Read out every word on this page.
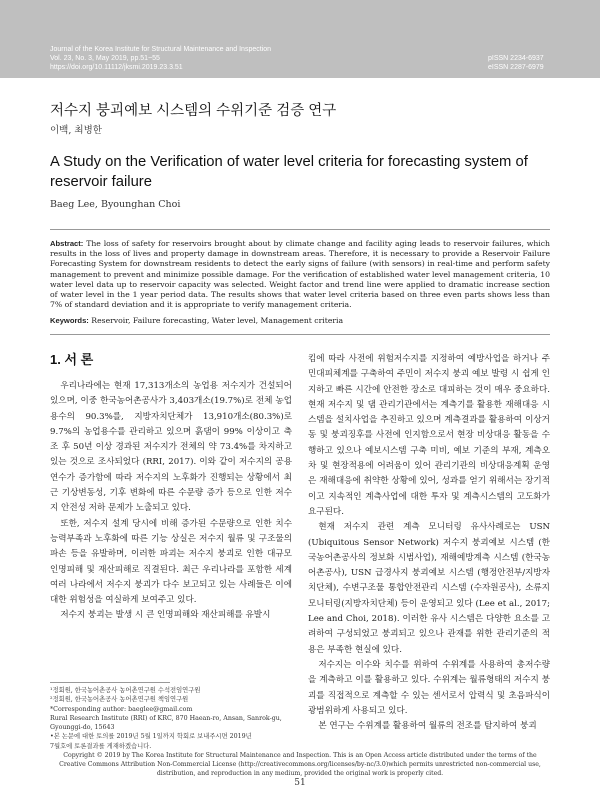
Journal of the Korea Institute for Structural Maintenance and Inspection
Vol. 23, No. 3, May 2019, pp.51~55
https://doi.org/10.11112/jksmi.2019.23.3.51
pISSN 2234-6937
eISSN 2287-6979
저수지 붕괴예보 시스템의 수위기준 검증 연구
이백, 최병한
A Study on the Verification of water level criteria for forecasting system of reservoir failure
Baeg Lee, Byounghan Choi
Abstract: The loss of safety for reservoirs brought about by climate change and facility aging leads to reservoir failures, which results in the loss of lives and property damage in downstream areas. Therefore, it is necessary to provide a Reservoir Failure Forecasting System for downstream residents to detect the early signs of failure (with sensors) in real-time and perform safety management to prevent and minimize possible damage. For the verification of established water level management criteria, 10 water level data up to reservoir capacity was selected. Weight factor and trend line were applied to dramatic increase section of water level in the 1 year period data. The results shows that water level criteria based on three even parts shows less than 7% of standard deviation and it is appropriate to verify management criteria.
Keywords: Reservoir, Failure forecasting, Water level, Management criteria
1. 서 론

우리나라에는 현재 17,313개소의 농업용 저수지가 건설되어 있으며, 이중 한국농어촌공사가 3,403개소(19.7%)로 전체 농업용수의 90.3%를, 지방자치단체가 13,910개소(80.3%)로 9.7%의 농업용수를 관리하고 있으며 흙댐이 99% 이상이고 축조 후 50년 이상 경과된 저수지가 전체의 약 73.4%를 차지하고 있는 것으로 조사되었다 (RRI, 2017). 이와 같이 저수지의 공용연수가 증가함에 따라 저수지의 노후화가 진행되는 상황에서 최근 기상변동성, 기후 변화에 따른 수문량 증가 등으로 인한 저수지 안전성 저하 문제가 노출되고 있다.

또한, 저수지 설계 당시에 비해 증가된 수문량으로 인한 치수능력부족과 노후화에 따른 기능 상실은 저수지 월류 및 구조물의 파손 등을 유발하며, 이러한 파괴는 저수지 붕괴로 인한 대규모 인명피해 및 재산피해로 직결된다. 최근 우리나라를 포함한 세계 여러 나라에서 저수지 붕괴가 다수 보고되고 있는 사례들은 이에 대한 위험성을 여실하게 보여주고 있다.

저수지 붕괴는 발생 시 큰 인명피해와 재산피해를 유발시

킴에 따라 사전에 위험저수지를 지정하여 예방사업을 하거나 주민대피체계를 구축하여 주민이 저수지 붕괴 예보 발령 시 쉽게 인지하고 빠른 시간에 안전한 장소로 대피하는 것이 매우 중요하다. 현재 저수지 및 댐 관리기관에서는 계측기를 활용한 재해대응 시스템을 설치사업을 추진하고 있으며 계측결과를 활용하여 이상거동 및 붕괴징후를 사전에 인지함으로서 현장 비상대응 활동을 수행하고 있으나 예보시스템 구축 미비, 예보 기준의 부재, 계측오차 및 현장적용에 어려움이 있어 관리기관의 비상대응계획 운영은 재해대응에 취약한 상황에 있어, 성과를 얻기 위해서는 장기적이고 지속적인 계측사업에 대한 투자 및 계측시스템의 고도화가 요구된다.

현재 저수지 관련 계측 모니터링 유사사례로는 USN (Ubiquitous Sensor Network) 저수지 붕괴예보 시스템 (한국농어촌공사의 정보화 시범사업), 재해예방계측 시스템 (한국농어촌공사), USN 급경사지 붕괴예보 시스템 (행정안전부/지방자치단체), 수변구조물 통합안전관리 시스템 (수자원공사), 소류지 모니터링(지방자치단체) 등이 운영되고 있다 (Lee et al., 2017; Lee and Choi, 2018). 이러한 유사 시스템은 다양한 요소를 고려하여 구성되었고 붕괴되고 있으나 관재를 위한 관리기준의 적용은 부족한 현실에 있다.

저수지는 이수와 치수를 위하여 수위계를 사용하여 총저수량을 계측하고 이를 활용하고 있다. 수위계는 월류형태의 저수지 붕괴를 직접적으로 계측할 수 있는 센서로서 압력식 및 초음파식이 광범위하게 사용되고 있다.

본 연구는 수위계를 활용하여 월류의 전조를 탐지하여 붕괴

¹정회원, 한국농어촌공사 농어촌연구원 수석전임연구원
²정회원, 한국농어촌공사 농어촌연구원 책임연구원
*Corresponding author: baeglee@gmail.com
Rural Research Institute (RRI) of KRC, 870 Haean-ro, Ansan, Sanrok-gu,
Gyounggi-do, 15643
•본 논문에 대한 토의를 2019년 5월 1일까지 학회로 보내주시면 2019년
7월호에 토론결과를 게재하겠습니다.
Copyright © 2019 by The Korea Institute for Structural Maintenance and Inspection. This is an Open Access article distributed under the terms of the Creative Commons Attribution Non-Commercial License (http://creativecommons.org/licenses/by-nc/3.0)which permits unrestricted non-commercial use, distribution, and reproduction in any medium, provided the original work is properly cited.
51
